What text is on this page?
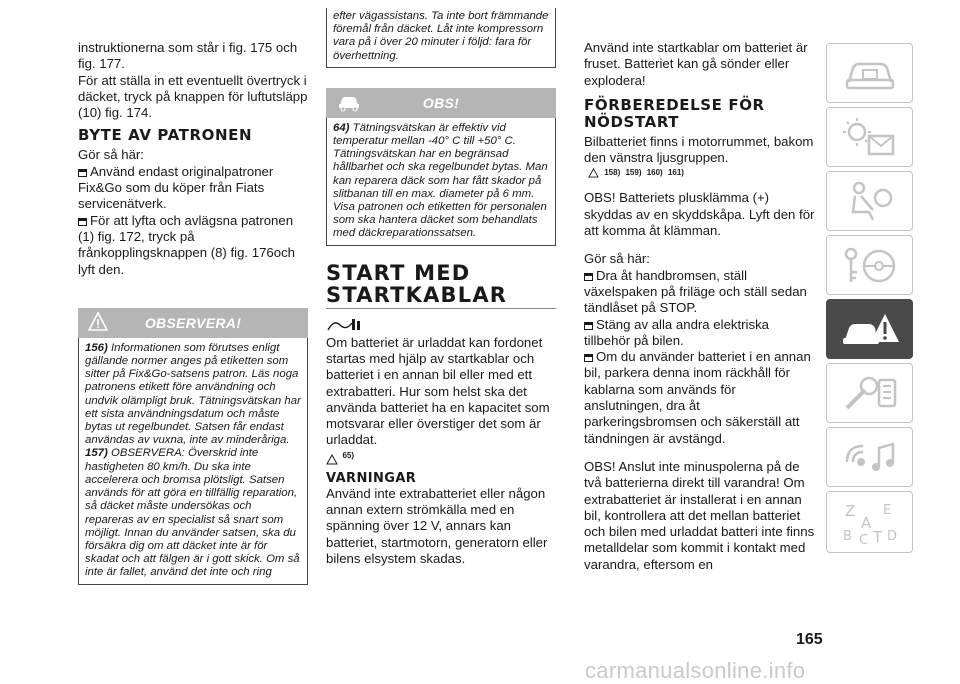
instruktionerna som står i fig. 175 och fig. 177.

För att ställa in ett eventuellt övertryck i däcket, tryck på knappen för luftutsläpp (10) fig. 174.

BYTE AV PATRONEN

Gör så här:

Använd endast originalpatroner Fix&Go som du köper från Fiats servicenätverk.

För att lyfta och avlägsna patronen (1) fig. 172, tryck på frånkopplingsknappen (8) fig. 176och lyft den.

OBSERVERA!

156) Informationen som förutses enligt gällande normer anges på etiketten som sitter på Fix&Go-satsens patron. Läs noga patronens etikett före användning och undvik olämpligt bruk. Tätningsvätskan har ett sista användningsdatum och måste bytas ut regelbundet. Satsen får endast användas av vuxna, inte av minderåriga.

157) OBSERVERA: Överskrid inte hastigheten 80 km/h. Du ska inte accelerera och bromsa plötsligt. Satsen används för att göra en tillfällig reparation, så däcket måste undersökas och repareras av en specialist så snart som möjligt. Innan du använder satsen, ska du försäkra dig om att däcket inte är för skadat och att fälgen är i gott skick. Om så inte är fallet, använd det inte och ring

efter vägassistans. Ta inte bort främmande föremål från däcket. Låt inte kompressorn vara på i över 20 minuter i följd: fara för överhettning.

OBS!

64) Tätningsvätskan är effektiv vid temperatur mellan -40° C till +50° C. Tätningsvätskan har en begränsad hållbarhet och ska regelbundet bytas. Man kan reparera däck som har fått skador på slitbanan till en max. diameter på 6 mm. Visa patronen och etiketten för personalen som ska hantera däcket som behandlats med däckreparationssatsen.

START MED
STARTKABLAR

Om batteriet är urladdat kan fordonet startas med hjälp av startkablar och batteriet i en annan bil eller med ett extrabatteri. Hur som helst ska det använda batteriet ha en kapacitet som motsvarar eller överstiger det som är urladdat.

$^{65)}$
VARNINGAR

Använd inte extrabatteriet eller någon annan extern strömkälla med en spänning över 12 V, annars kan batteriet, startmotorn, generatorn eller bilens elsystem skadas.

Använd inte startkablar om batteriet är fruset. Batteriet kan gå sönder eller explodera!

FÖRBEREDELSE FÖR NÖDSTART

Bilbatteriet finns i motorrummet, bakom den vänstra ljusgruppen.

158) 159) 160) 161)

OBS! Batteriets plusklämma (+) skyddas av en skyddskåpa. Lyft den för att komma åt klämman.

Gör så här:

Dra åt handbromsen, ställ växelspaken på friläge och ställ sedan tändlåset på STOP.

Stäng av alla andra elektriska tillbehör på bilen.

Om du använder batteriet i en annan bil, parkera denna inom räckhåll för kablarna som används för anslutningen, dra åt parkeringsbromsen och säkerställ att tändningen är avstängd.

OBS! Anslut inte minuspolerna på de två batterierna direkt till varandra! Om extrabatteriet är installerat i en annan bil, kontrollera att det mellan batteriet och bilen med urladdat batteri inte finns metalldelar som kommit i kontakt med varandra, eftersom en

Z E
A
B C T D
165
carmanualsonline.info
